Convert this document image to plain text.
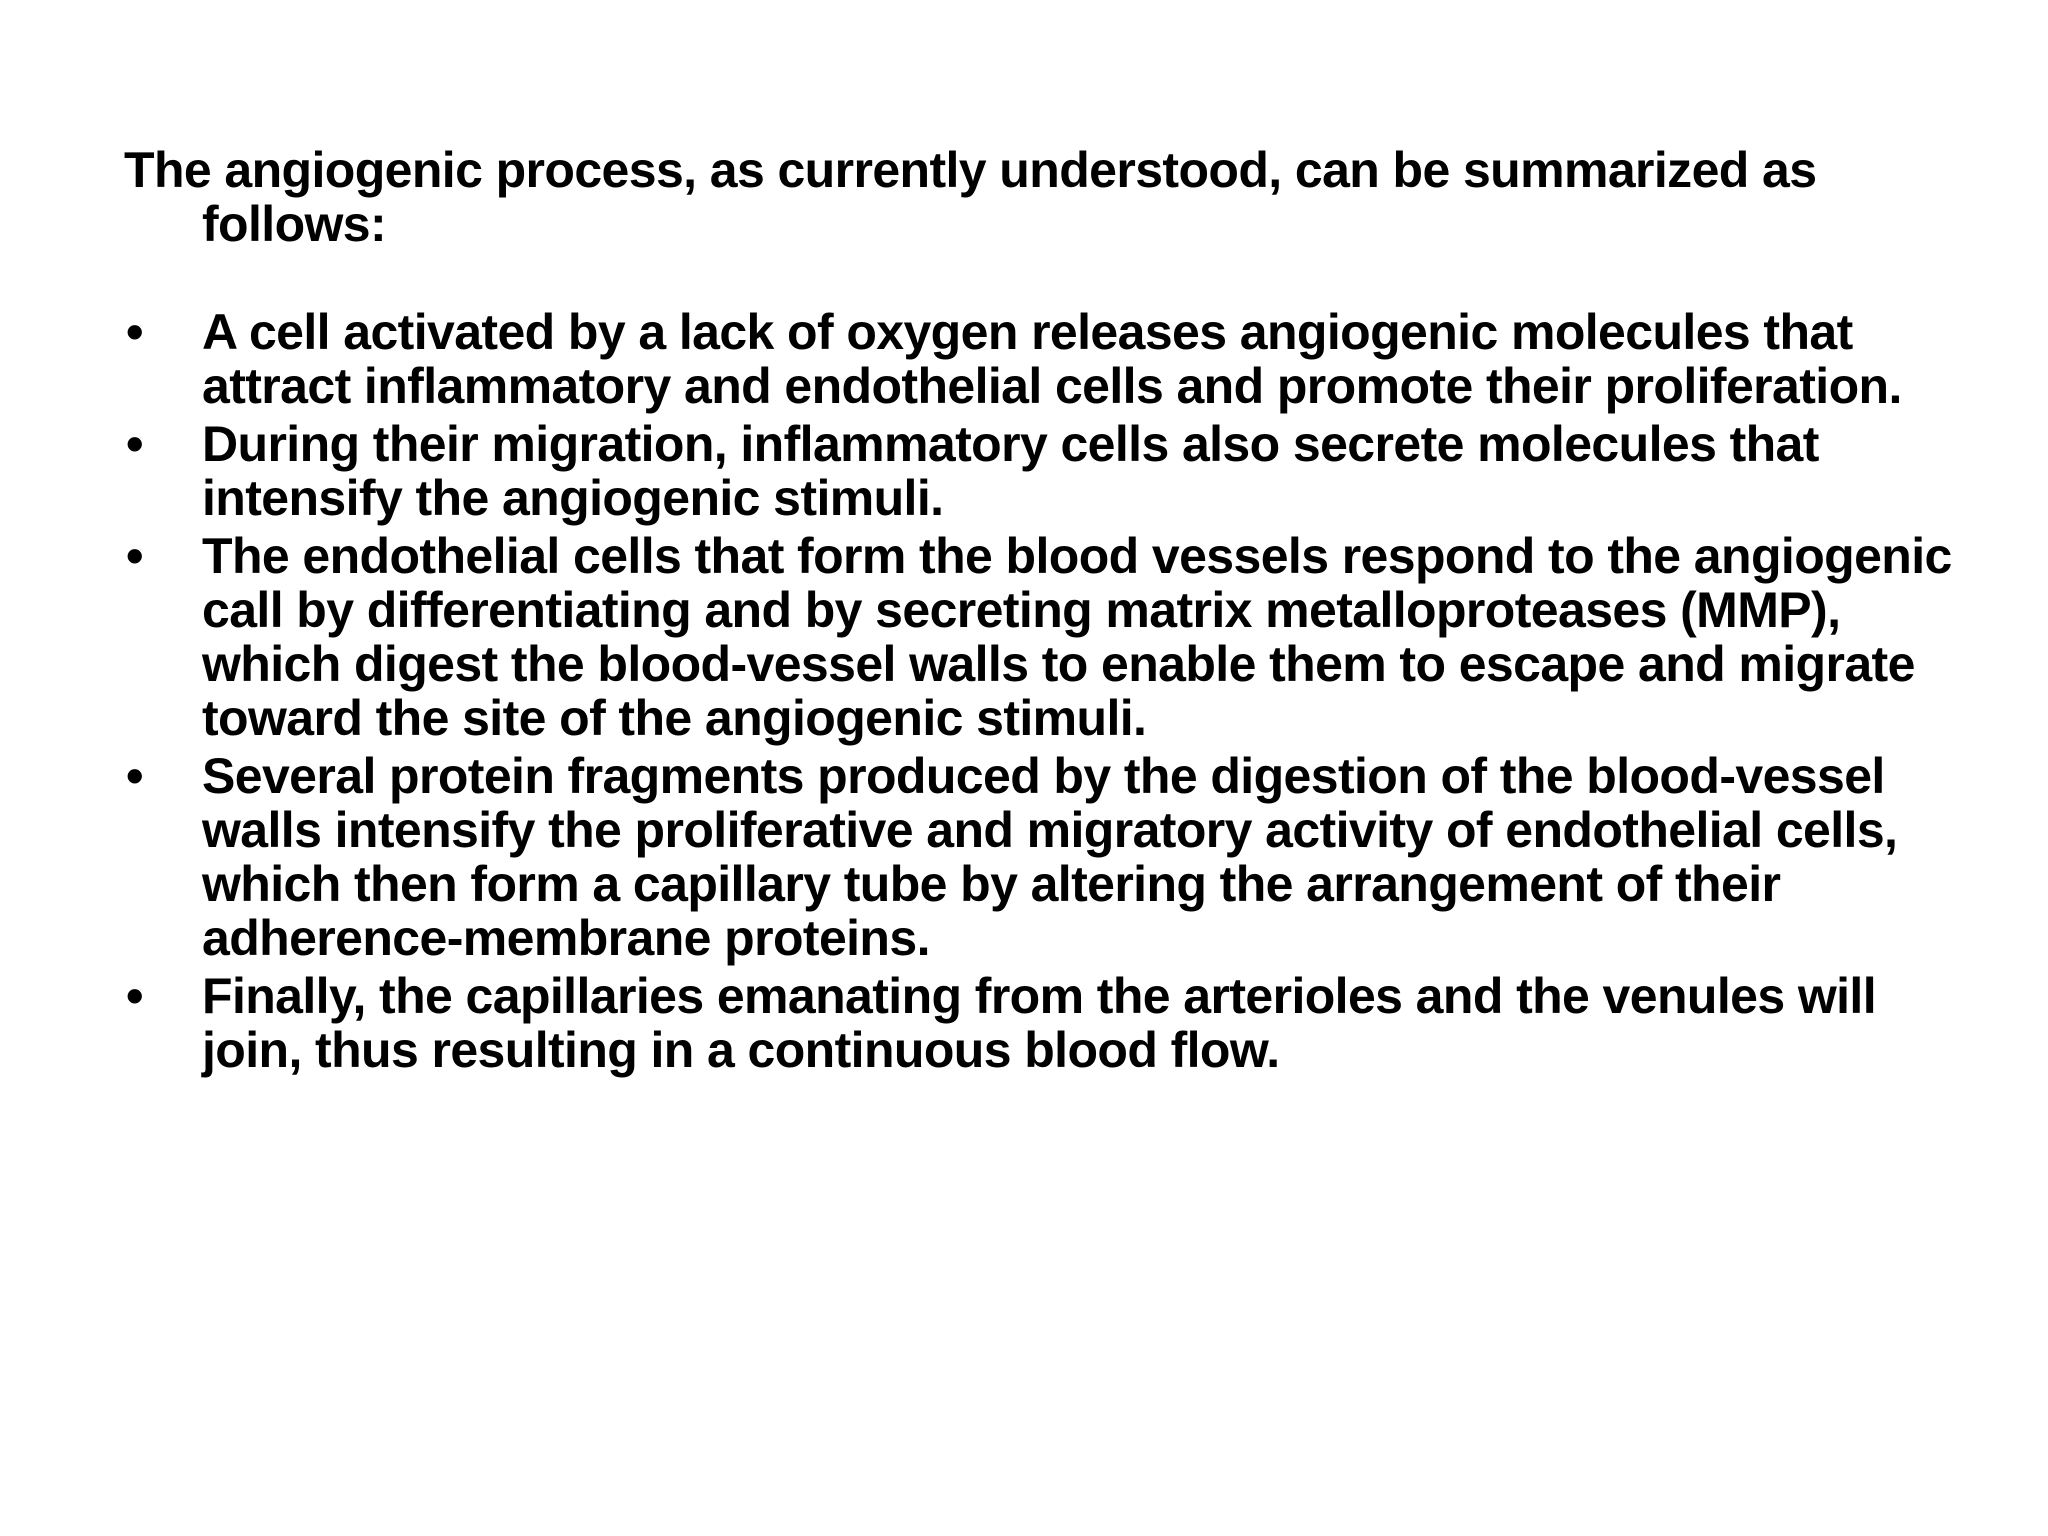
The angiogenic process, as currently understood, can be summarized as follows:

•	A cell activated by a lack of oxygen releases angiogenic molecules that attract inflammatory and endothelial cells and promote their proliferation.
•	During their migration, inflammatory cells also secrete molecules that intensify the angiogenic stimuli.
•	The endothelial cells that form the blood vessels respond to the angiogenic call by differentiating and by secreting matrix metalloproteases (MMP), which digest the blood-vessel walls to enable them to escape and migrate toward the site of the angiogenic stimuli.
•	Several protein fragments produced by the digestion of the blood-vessel walls intensify the proliferative and migratory activity of endothelial cells, which then form a capillary tube by altering the arrangement of their adherence-membrane proteins.
•	Finally, the capillaries emanating from the arterioles and the venules will join, thus resulting in a continuous blood flow.
